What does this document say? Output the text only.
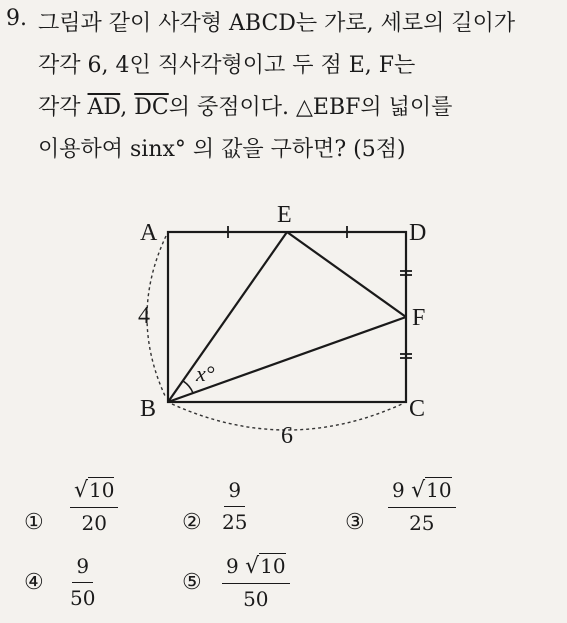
9. 그림과 같이 사각형 ABCD는 가로, 세로의 길이가
각각 6, 4인 직사각형이고 두 점 E, F는
각각 $\overline{AD}$, $\overline{DC}$의 중점이다. △EBF의 넓이를
이용하여 sinx° 의 값을 구하면? (5점)
A
B	C
D
E
F
4
6
x°
① $\frac{√10}{20}$	② $\frac{9}{25}$	③ $\frac{9 √10}{25}$
④ $\frac{9}{50}$	⑤ $\frac{9 √10}{50}$
